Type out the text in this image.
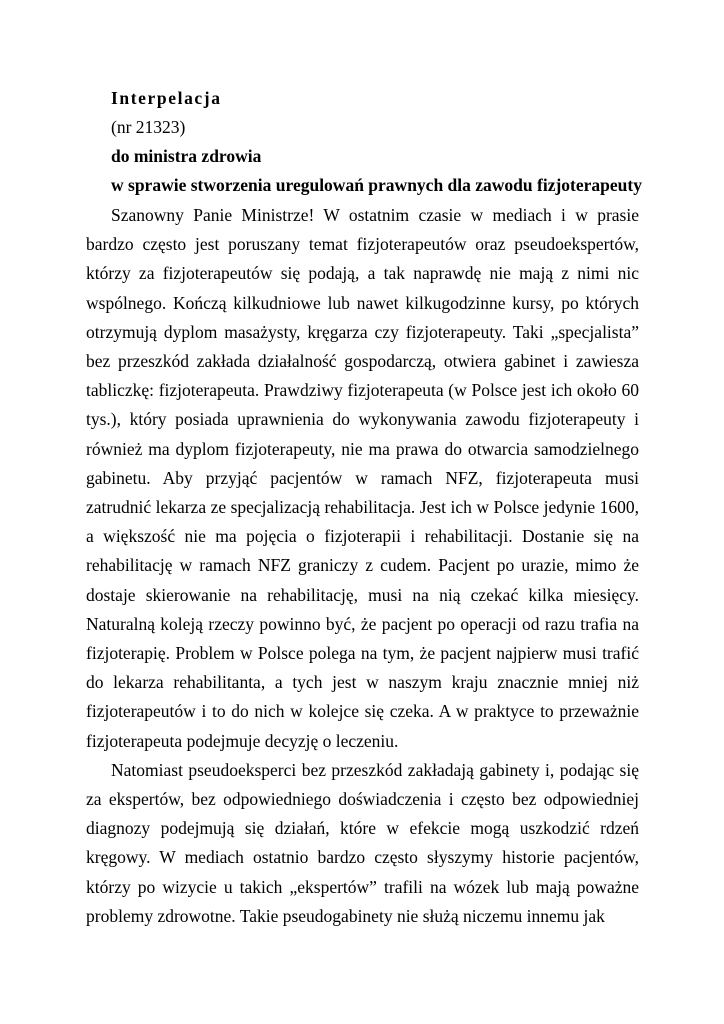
Interpelacja
(nr 21323)
do ministra zdrowia
w sprawie stworzenia uregulowań prawnych dla zawodu fizjoterapeuty

Szanowny Panie Ministrze! W ostatnim czasie w mediach i w prasie bardzo często jest poruszany temat fizjoterapeutów oraz pseudoekspertów, którzy za fizjoterapeutów się podają, a tak naprawdę nie mają z nimi nic wspólnego. Kończą kilkudniowe lub nawet kilkugodzinne kursy, po których otrzymują dyplom masażysty, kręgarza czy fizjoterapeuty. Taki „specjalista” bez przeszkód zakłada działalność gospodarczą, otwiera gabinet i zawiesza tabliczkę: fizjoterapeuta. Prawdziwy fizjoterapeuta (w Polsce jest ich około 60 tys.), który posiada uprawnienia do wykonywania zawodu fizjoterapeuty i również ma dyplom fizjoterapeuty, nie ma prawa do otwarcia samodzielnego gabinetu. Aby przyjąć pacjentów w ramach NFZ, fizjoterapeuta musi zatrudnić lekarza ze specjalizacją rehabilitacja. Jest ich w Polsce jedynie 1600, a większość nie ma pojęcia o fizjoterapii i rehabilitacji. Dostanie się na rehabilitację w ramach NFZ graniczy z cudem. Pacjent po urazie, mimo że dostaje skierowanie na rehabilitację, musi na nią czekać kilka miesięcy. Naturalną koleją rzeczy powinno być, że pacjent po operacji od razu trafia na fizjoterapię. Problem w Polsce polega na tym, że pacjent najpierw musi trafić do lekarza rehabilitanta, a tych jest w naszym kraju znacznie mniej niż fizjoterapeutów i to do nich w kolejce się czeka. A w praktyce to przeważnie fizjoterapeuta podejmuje decyzję o leczeniu.

Natomiast pseudoeksperci bez przeszkód zakładają gabinety i, podając się za ekspertów, bez odpowiedniego doświadczenia i często bez odpowiedniej diagnozy podejmują się działań, które w efekcie mogą uszkodzić rdzeń kręgowy. W mediach ostatnio bardzo często słyszymy historie pacjentów, którzy po wizycie u takich „ekspertów” trafili na wózek lub mają poważne problemy zdrowotne. Takie pseudogabinety nie służą niczemu innemu jak
